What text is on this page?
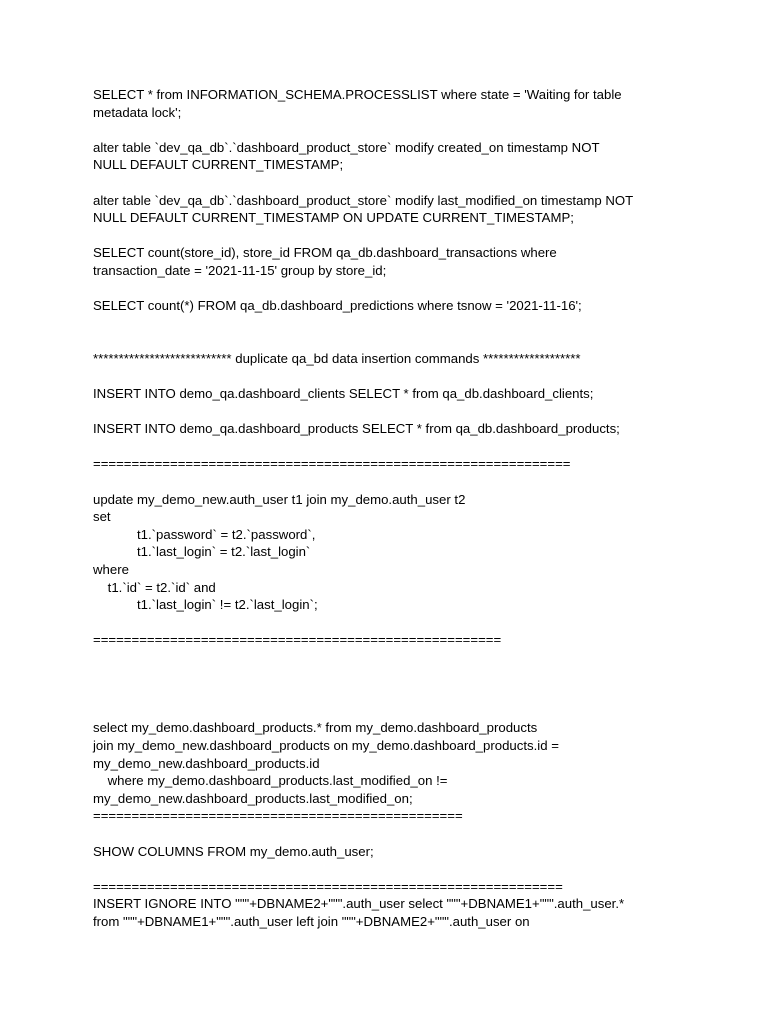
SELECT * from INFORMATION_SCHEMA.PROCESSLIST where state = 'Waiting for table
metadata lock';
alter table `dev_qa_db`.`dashboard_product_store` modify created_on timestamp NOT
NULL DEFAULT CURRENT_TIMESTAMP;
alter table `dev_qa_db`.`dashboard_product_store` modify last_modified_on timestamp NOT
NULL DEFAULT CURRENT_TIMESTAMP ON UPDATE CURRENT_TIMESTAMP;
SELECT count(store_id), store_id FROM qa_db.dashboard_transactions where
transaction_date = '2021-11-15' group by store_id;
SELECT count(*) FROM qa_db.dashboard_predictions where tsnow = '2021-11-16';
*************************** duplicate qa_bd data insertion commands *******************
INSERT INTO demo_qa.dashboard_clients SELECT * from qa_db.dashboard_clients;
INSERT INTO demo_qa.dashboard_products SELECT * from qa_db.dashboard_products;
==============================================================
update my_demo_new.auth_user t1 join my_demo.auth_user t2
set
t1.`password` = t2.`password`,
t1.`last_login` = t2.`last_login`
where
t1.`id` = t2.`id` and
t1.`last_login` != t2.`last_login`;
=====================================================
select my_demo.dashboard_products.* from my_demo.dashboard_products
join my_demo_new.dashboard_products on my_demo.dashboard_products.id =
my_demo_new.dashboard_products.id
where my_demo.dashboard_products.last_modified_on !=
my_demo_new.dashboard_products.last_modified_on;
================================================
SHOW COLUMNS FROM my_demo.auth_user;
=============================================================
INSERT IGNORE INTO """+DBNAME2+""".auth_user select """+DBNAME1+""".auth_user.*
from """+DBNAME1+""".auth_user left join """+DBNAME2+""".auth_user on
